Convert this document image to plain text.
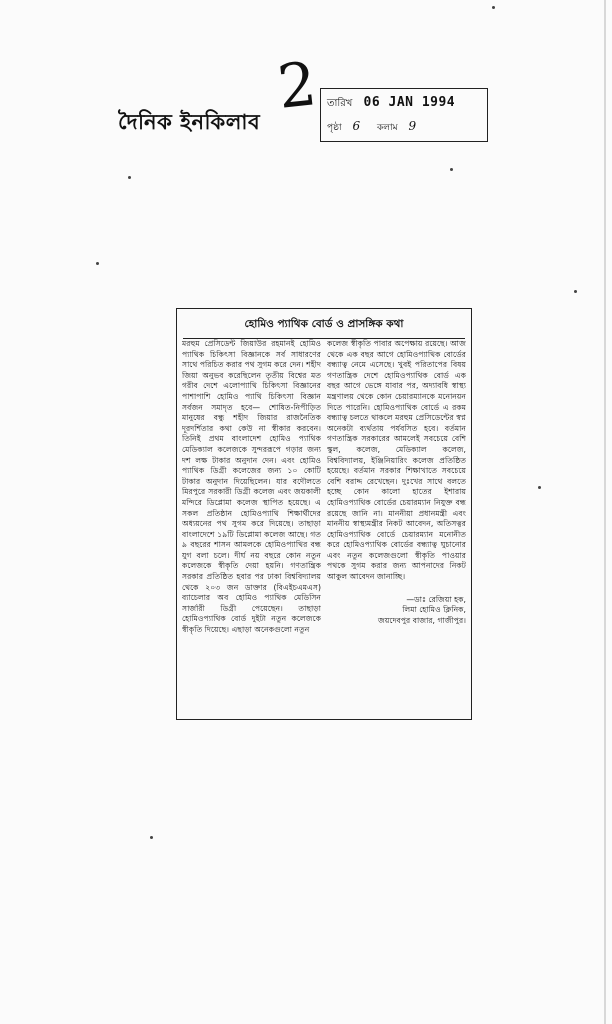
দৈনিক ইনকিলাব 2 তারিখ 06 JAN 1994
পৃষ্ঠা 6 কলাম 9
হোমিও প্যাথিক বোর্ড ও প্রাসঙ্গিক কথা

মরহুম প্রেসিডেন্ট জিয়াউর রহমানই হোমিও প্যাথিক চিকিৎসা বিজ্ঞানকে সর্ব সাধারণের সাথে পরিচিত করার পথ সুগম করে দেন। শহীদ জিয়া অনুভব করেছিলেন তৃতীয় বিশ্বের মত গরীব দেশে এলোপ্যাথি চিকিৎসা বিজ্ঞানের পাশাপাশি হোমিও প্যাথি চিকিৎসা বিজ্ঞান সর্বজন সমাদৃত হবে— শোষিত-নিপীড়িত মানুষের বন্ধু শহীদ জিয়ার রাজনৈতিক দূরদর্শিতার কথা কেউ না স্বীকার করবেন। তিনিই প্রথম বাংলাদেশ হোমিও প্যাথিক মেডিক্যাল কলেজকে সুন্দররূপে গড়ার জন্য দশ লক্ষ টাকার অনুদান দেন। এবং হোমিও প্যাথিক ডিগ্রী কলেজের জন্য ১০ কোটি টাকার অনুদান দিয়েছিলেন। যার বদৌলতে মিরপুরে সরকারী ডিগ্রী কলেজ এবং জয়কালী মন্দিরে ডিপ্লোমা কলেজ স্থাপিত হয়েছে। এ সকল প্রতিষ্ঠান হোমিওপ্যাথি শিক্ষার্থীদের অধ্যয়নের পথ সুগম করে দিয়েছে। তাছাড়া বাংলাদেশে ১৯টি ডিপ্লোমা কলেজ আছে। গত ৯ বছরের শাসন আমলকে হোমিওপ্যাথির বন্ধ যুগ বলা চলে। দীর্ঘ নয় বছরে কোন নতুন কলেজকে স্বীকৃতি দেয়া হয়নি। গণতান্ত্রিক সরকার প্রতিষ্ঠিত হবার পর ঢাকা বিশ্ববিদ্যালয় থেকে ২০৩ জন ডাক্তার (বিএইচএমএস) ব্যাচেলার অব হোমিও প্যাথিক মেডিসিন সার্জারী ডিগ্রী পেয়েছেন। তাছাড়া হোমিওপ্যাথিক বোর্ড দুইটা নতুন কলেজকে স্বীকৃতি দিয়েছে। এছাড়া অনেকগুলো নতুন

কলেজ স্বীকৃতি পাবার অপেক্ষায় রয়েছে। আজ থেকে এক বছর আগে হোমিওপ্যাথিক বোর্ডের বন্ধ্যাত্ব নেমে এসেছে। খুবই পরিতাপের বিষয় গণতান্ত্রিক দেশে হোমিওপ্যাথিক বোর্ড এক বছর আগে ভেঙ্গে যাবার পর, অদ্যাবধি স্বাস্থ্য মন্ত্রণালয় থেকে কোন চেয়ারম্যানকে মনোনয়ন দিতে পারেনি। হোমিওপ্যাথিক বোর্ডে এ রকম বন্ধ্যাত্ব চলতে থাকলে মরহুম প্রেসিডেন্টের স্বপ্ন অনেকটা ব্যর্থতায় পর্যবসিত হবে। বর্তমান গণতান্ত্রিক সরকারের আমলেই সবচেয়ে বেশি স্কুল, কলেজ, মেডিক্যাল কলেজ, বিশ্ববিদ্যালয়, ইঞ্জিনিয়ারিং কলেজ প্রতিষ্ঠিত হয়েছে। বর্তমান সরকার শিক্ষাখাতে সবচেয়ে বেশি বরাদ্দ রেখেছেন। দুঃখের সাথে বলতে হচ্ছে কোন কালো হাতের ইশারায় হোমিওপ্যাথিক বোর্ডের চেয়ারম্যান নিযুক্ত বন্ধ রয়েছে জানি না। মাননীয়া প্রধানমন্ত্রী এবং মাননীয় স্বাস্থ্যমন্ত্রীর নিকট আবেদন, অতিসত্বর হোমিওপ্যাথিক বোর্ডে চেয়ারম্যান মনোনীত করে হোমিওপ্যাথিক বোর্ডের বন্ধ্যাত্ব ঘুচানোর এবং নতুন কলেজগুলো স্বীকৃতি পাওয়ার পথকে সুগম করার জন্য আপনাদের নিকট আকুল আবেদন জানাচ্ছি।

—ডাঃ রেজিয়া হক,
লিমা হোমিও ক্লিনিক,
জয়দেবপুর বাজার, গাজীপুর।
